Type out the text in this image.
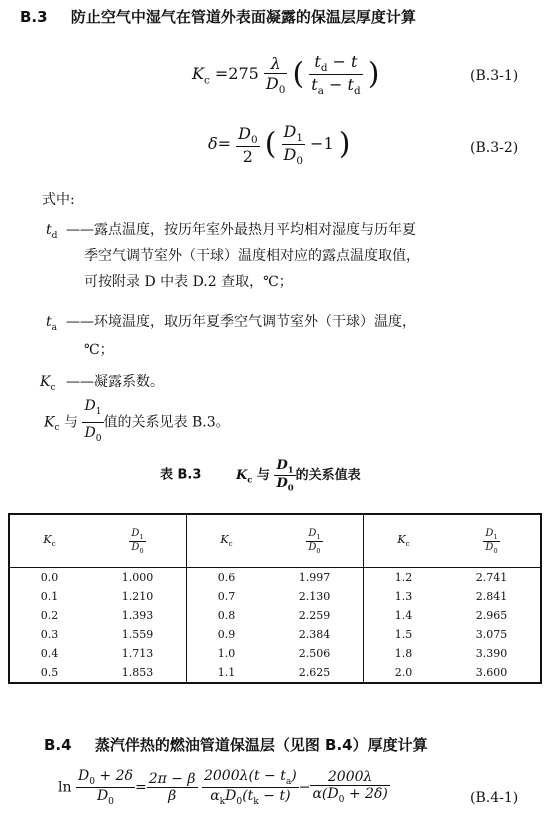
B.3 防止空气中湿气在管道外表面凝露的保温层厚度计算
$K_c =275 \frac{\lambda}{D_0}$ ( $\frac{t_d - t}{t_a - t_d}$ )	(B.3-1)
$\delta= \frac{D_0}{2}$ ( $\frac{D_1}{D_0} -1$ )	(B.3-2)
式中:
$t_d$ ——露点温度，按历年室外最热月平均相对湿度与历年夏
季空气调节室外（干球）温度相对应的露点温度取值，
可按附录 D 中表 D.2 查取，℃；
$t_a$ ——环境温度，取历年夏季空气调节室外（干球）温度，
℃；
$K_c$ ——凝露系数。
$K_c$ 与 $\frac{D_1}{D_0}$ 值的关系见表 B.3。
表 B.3	$K_c$ 与 $\frac{D_1}{D_0}$ 的关系值表
$K_c$	$\frac{D_1}{D_0}$	$K_c$	$\frac{D_1}{D_0}$	$K_c$	$\frac{D_1}{D_0}$

0.0	1.000	0.6	1.997	1.2	2.741
0.1	1.210	0.7	2.130	1.3	2.841
0.2	1.393	0.8	2.259	1.4	2.965
0.3	1.559	0.9	2.384	1.5	3.075
0.4	1.713	1.0	2.506	1.8	3.390
0.5	1.853	1.1	2.625	2.0	3.600
B.4 蒸汽伴热的燃油管道保温层（见图 B.4）厚度计算
$\ln \frac{D_0 + 2\delta}{D_0} = \frac{2\pi - \beta}{\beta}$
$\frac{2000\lambda(t - t_a)}{\alpha_kD_0(t_k - t)} - \frac{2000\lambda}{\alpha(D_0 + 2\delta)}$	(B.4-1)
